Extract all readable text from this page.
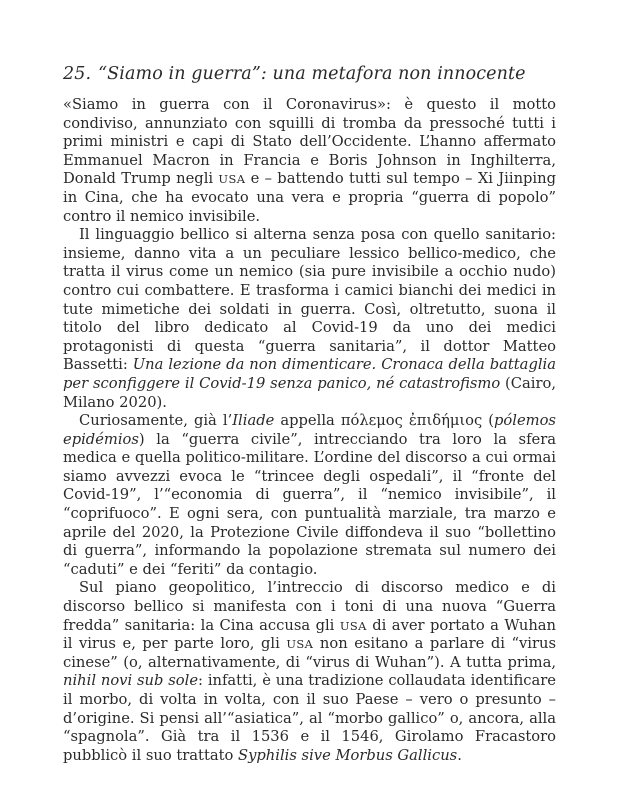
25. “Siamo in guerra”: una metafora non innocente

«Siamo in guerra con il Coronavirus»: è questo il motto condiviso, annunziato con squilli di tromba da pressoché tutti i primi ministri e capi di Stato dell’Occidente. L’hanno affermato Emmanuel Macron in Francia e Boris Johnson in Inghilterra, Donald Trump negli USA e – battendo tutti sul tempo – Xi Jiinping in Cina, che ha evocato una vera e propria “guerra di popolo” contro il nemico invisibile.

Il linguaggio bellico si alterna senza posa con quello sanitario: insieme, danno vita a un peculiare lessico bellico-medico, che tratta il virus come un nemico (sia pure invisibile a occhio nudo) contro cui combattere. E trasforma i camici bianchi dei medici in tute mimetiche dei soldati in guerra. Così, oltretutto, suona il titolo del libro dedicato al Covid-19 da uno dei medici protagonisti di questa “guerra sanitaria”, il dottor Matteo Bassetti: Una lezione da non dimenticare. Cronaca della battaglia per sconfiggere il Covid-19 senza panico, né catastrofismo (Cairo, Milano 2020).

Curiosamente, già l’Iliade appella πόλεμος ἐπιδήμιος (pólemos epidémios) la “guerra civile”, intrecciando tra loro la sfera medica e quella politico-militare. L’ordine del discorso a cui ormai siamo avvezzi evoca le “trincee degli ospedali”, il “fronte del Covid-19”, l’“economia di guerra”, il “nemico invisibile”, il “coprifuoco”. E ogni sera, con puntualità marziale, tra marzo e aprile del 2020, la Protezione Civile diffondeva il suo “bollettino di guerra”, informando la popolazione stremata sul numero dei “caduti” e dei “feriti” da contagio.

Sul piano geopolitico, l’intreccio di discorso medico e di discorso bellico si manifesta con i toni di una nuova “Guerra fredda” sanitaria: la Cina accusa gli USA di aver portato a Wuhan il virus e, per parte loro, gli USA non esitano a parlare di “virus cinese” (o, alternativamente, di “virus di Wuhan”). A tutta prima, nihil novi sub sole: infatti, è una tradizione collaudata identificare il morbo, di volta in volta, con il suo Paese – vero o presunto – d’origine. Si pensi all’“asiatica”, al “morbo gallico” o, ancora, alla “spagnola”. Già tra il 1536 e il 1546, Girolamo Fracastoro pubblicò il suo trattato Syphilis sive Morbus Gallicus.
